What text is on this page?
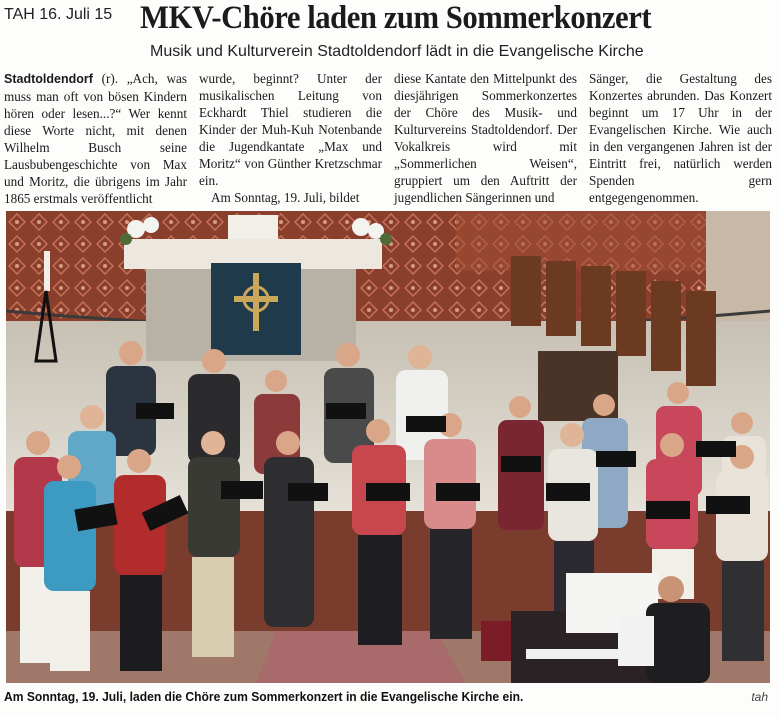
TAH 16. Juli 15 MKV-Chöre laden zum Sommerkonzert
Musik und Kulturverein Stadtoldendorf lädt in die Evangelische Kirche
Stadtoldendorf (r). „Ach, was muss man oft von bösen Kindern hören oder lesen...?“ Wer kennt diese Worte nicht, mit denen Wilhelm Busch seine Lausbubengeschichte von Max und Moritz, die übrigens im Jahr 1865 erstmals veröffentlicht
wurde, beginnt? Unter der musikalischen Leitung von Eckhardt Thiel studieren die Kinder der Muh-Kuh Notenbande die Jugendkantate „Max und Moritz“ von Günther Kretzschmar ein.
Am Sonntag, 19. Juli, bildet
diese Kantate den Mittelpunkt des diesjährigen Sommerkonzertes der Chöre des Musik- und Kulturvereins Stadtoldendorf. Der Vokalkreis wird mit „Sommerlichen Weisen“, gruppiert um den Auftritt der jugendlichen Sängerinnen und
Sänger, die Gestaltung des Konzertes abrunden. Das Konzert beginnt um 17 Uhr in der Evangelischen Kirche. Wie auch in den vergangenen Jahren ist der Eintritt frei, natürlich werden Spenden gern entgegengenommen.
Am Sonntag, 19. Juli, laden die Chöre zum Sommerkonzert in die Evangelische Kirche ein.	tah
